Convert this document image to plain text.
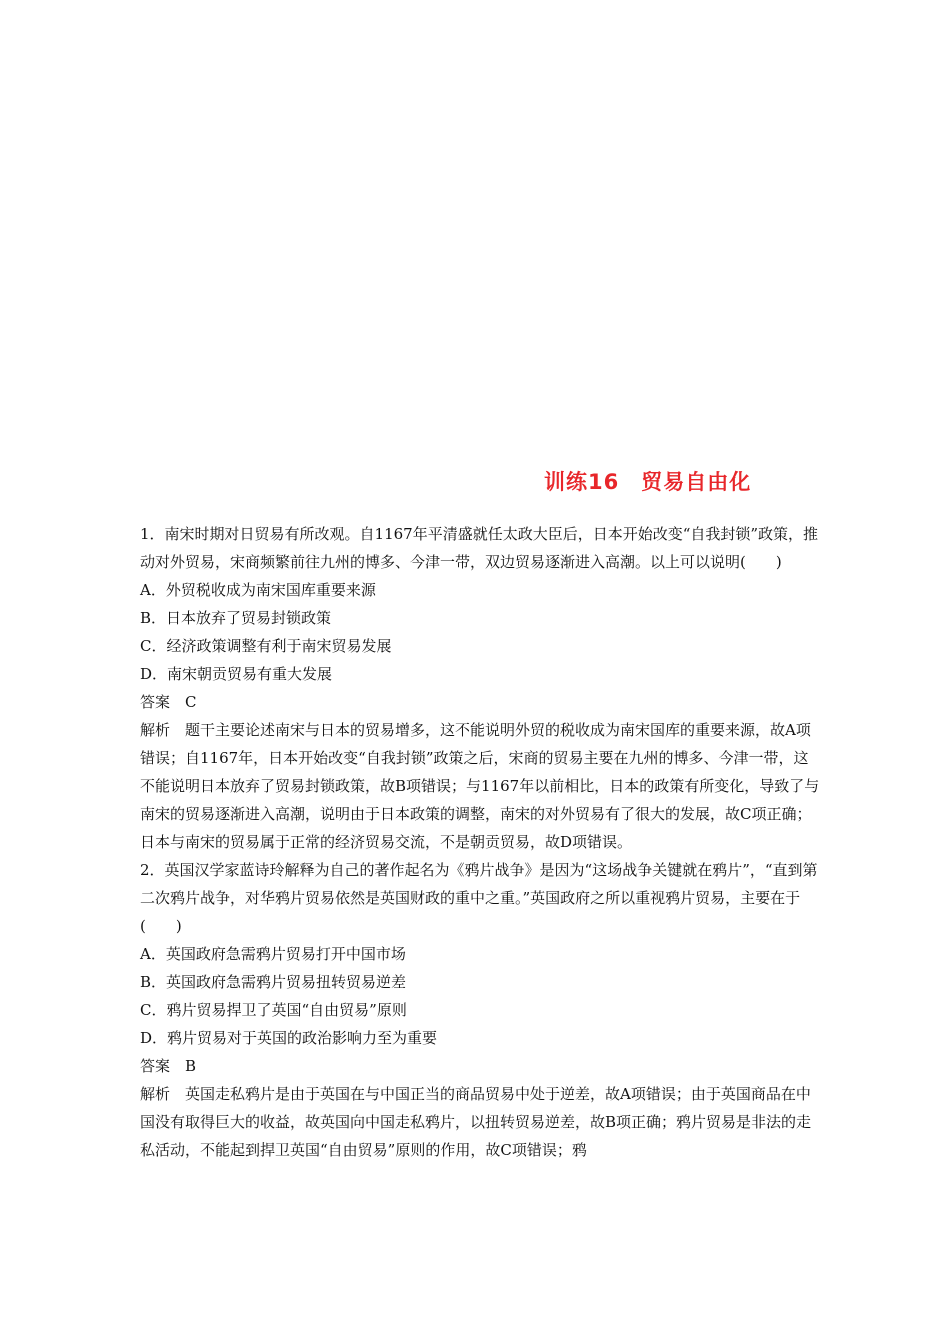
训练16　贸易自由化

1．南宋时期对日贸易有所改观。自1167年平清盛就任太政大臣后，日本开始改变“自我封锁”政策，推动对外贸易，宋商频繁前往九州的博多、今津一带，双边贸易逐渐进入高潮。以上可以说明(　　)

A．外贸税收成为南宋国库重要来源

B．日本放弃了贸易封锁政策

C．经济政策调整有利于南宋贸易发展

D．南宋朝贡贸易有重大发展

答案　C

解析　题干主要论述南宋与日本的贸易增多，这不能说明外贸的税收成为南宋国库的重要来源，故A项错误；自1167年，日本开始改变“自我封锁”政策之后，宋商的贸易主要在九州的博多、今津一带，这不能说明日本放弃了贸易封锁政策，故B项错误；与1167年以前相比，日本的政策有所变化，导致了与南宋的贸易逐渐进入高潮，说明由于日本政策的调整，南宋的对外贸易有了很大的发展，故C项正确；日本与南宋的贸易属于正常的经济贸易交流，不是朝贡贸易，故D项错误。

2．英国汉学家蓝诗玲解释为自己的著作起名为《鸦片战争》是因为“这场战争关键就在鸦片”，“直到第二次鸦片战争，对华鸦片贸易依然是英国财政的重中之重。”英国政府之所以重视鸦片贸易，主要在于(　　)

A．英国政府急需鸦片贸易打开中国市场

B．英国政府急需鸦片贸易扭转贸易逆差

C．鸦片贸易捍卫了英国“自由贸易”原则

D．鸦片贸易对于英国的政治影响力至为重要

答案　B

解析　英国走私鸦片是由于英国在与中国正当的商品贸易中处于逆差，故A项错误；由于英国商品在中国没有取得巨大的收益，故英国向中国走私鸦片，以扭转贸易逆差，故B项正确；鸦片贸易是非法的走私活动，不能起到捍卫英国“自由贸易”原则的作用，故C项错误；鸦
